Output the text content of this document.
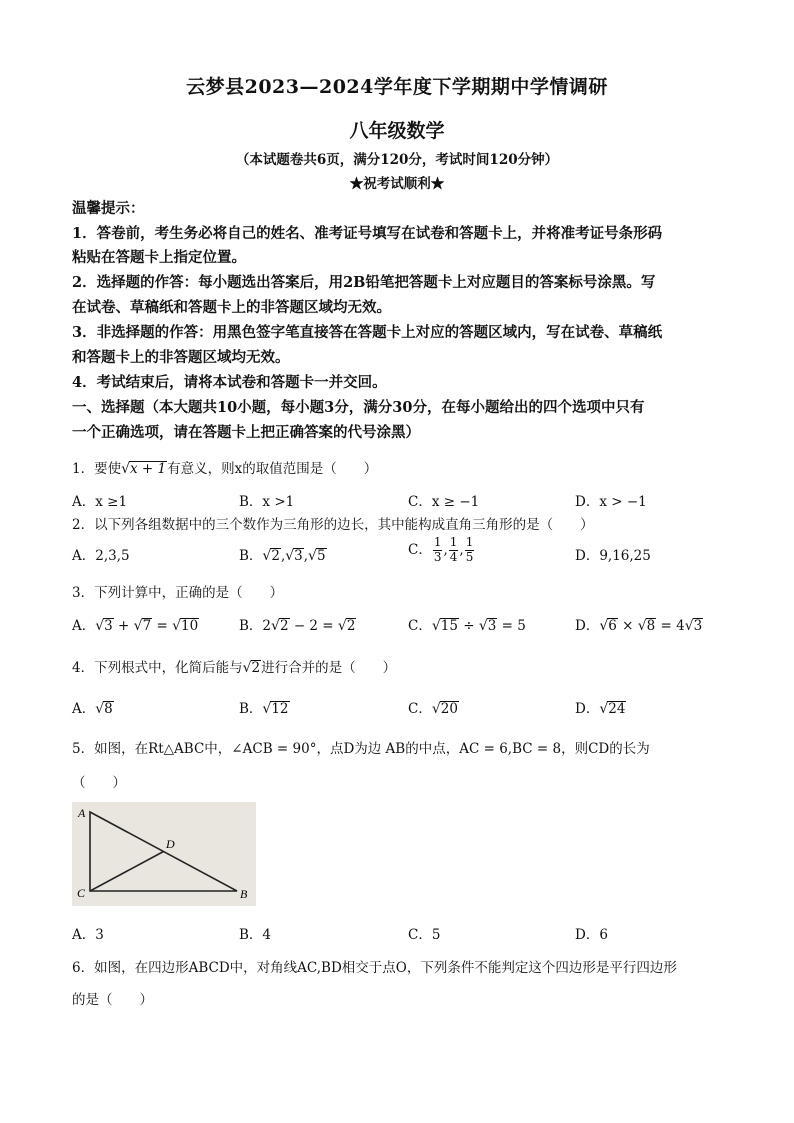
云梦县2023—2024学年度下学期期中学情调研
八年级数学
（本试题卷共6页，满分120分，考试时间120分钟）
★祝考试顺利★
温馨提示：
1．答卷前，考生务必将自己的姓名、准考证号填写在试卷和答题卡上，并将准考证号条形码
粘贴在答题卡上指定位置。
2．选择题的作答：每小题选出答案后，用2B铅笔把答题卡上对应题目的答案标号涂黑。写
在试卷、草稿纸和答题卡上的非答题区域均无效。
3．非选择题的作答：用黑色签字笔直接答在答题卡上对应的答题区域内，写在试卷、草稿纸
和答题卡上的非答题区域均无效。
4．考试结束后，请将本试卷和答题卡一并交回。
一、选择题（本大题共10小题，每小题3分，满分30分，在每小题给出的四个选项中只有
一个正确选项，请在答题卡上把正确答案的代号涂黑）
1．要使√x + 1有意义，则x的取值范围是（　　）
A．x ≥1	B．x >1	C．x ≥ −1	D．x > −1
2．以下列各组数据中的三个数作为三角形的边长，其中能构成直角三角形的是（　　）
A．2,3,5	B．√2,√3,√5	C． $\frac{1}{3}$ , $\frac{1}{4}$ , $\frac{1}{5}$	D．9,16,25
3．下列计算中，正确的是（　　）
A．√3 + √7 = √10	B．2√2 − 2 = √2	C．√15 ÷ √3 = 5	D．√6 × √8 = 4√3
4．下列根式中，化简后能与√2进行合并的是（　　）
A．√8	B．√12	C．√20	D．√24
5．如图，在Rt△ABC中，∠ACB = 90°，点D为边 AB的中点，AC = 6,BC = 8，则CD的长为
（　　）
A
D
C	B
A．3	B．4	C．5	D．6
6．如图，在四边形ABCD中，对角线AC,BD相交于点O，下列条件不能判定这个四边形是平行四边形
的是（　　）
